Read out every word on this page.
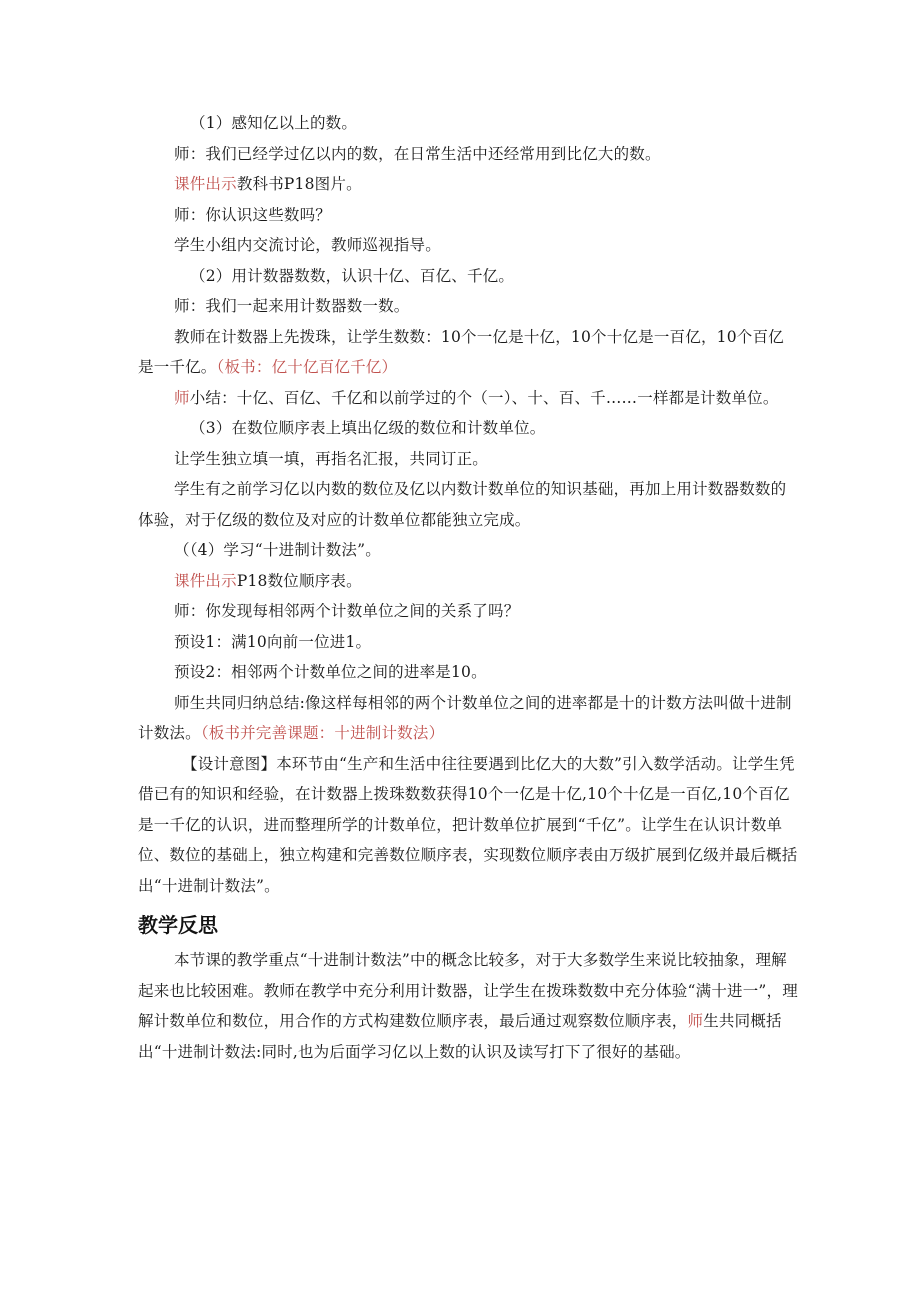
（1）感知亿以上的数。

师：我们已经学过亿以内的数，在日常生活中还经常用到比亿大的数。

课件出示教科书P18图片。

师：你认识这些数吗？

学生小组内交流讨论，教师巡视指导。

（2）用计数器数数，认识十亿、百亿、千亿。

师：我们一起来用计数器数一数。

教师在计数器上先拨珠，让学生数数：10个一亿是十亿，10个十亿是一百亿，10个百亿是一千亿。（板书：亿十亿百亿千亿）

师小结：十亿、百亿、千亿和以前学过的个（一）、十、百、千……一样都是计数单位。

（3）在数位顺序表上填出亿级的数位和计数单位。

让学生独立填一填，再指名汇报，共同订正。

学生有之前学习亿以内数的数位及亿以内数计数单位的知识基础，再加上用计数器数数的体验，对于亿级的数位及对应的计数单位都能独立完成。

（（4）学习“十进制计数法”。

课件出示P18数位顺序表。

师：你发现每相邻两个计数单位之间的关系了吗？

预设1：满10向前一位进1。

预设2：相邻两个计数单位之间的进率是10。

师生共同归纳总结:像这样每相邻的两个计数单位之间的进率都是十的计数方法叫做十进制计数法。（板书并完善课题：十进制计数法）

【设计意图】本环节由“生产和生活中往往要遇到比亿大的大数”引入数学活动。让学生凭借已有的知识和经验，在计数器上拨珠数数获得10个一亿是十亿,10个十亿是一百亿,10个百亿是一千亿的认识，进而整理所学的计数单位，把计数单位扩展到“千亿”。让学生在认识计数单位、数位的基础上，独立构建和完善数位顺序表，实现数位顺序表由万级扩展到亿级并最后概括出“十进制计数法”。

教学反思

本节课的教学重点“十进制计数法”中的概念比较多，对于大多数学生来说比较抽象，理解起来也比较困难。教师在教学中充分利用计数器，让学生在拨珠数数中充分体验“满十进一”，理解计数单位和数位，用合作的方式构建数位顺序表，最后通过观察数位顺序表，师生共同概括出“十进制计数法:同时,也为后面学习亿以上数的认识及读写打下了很好的基础。
